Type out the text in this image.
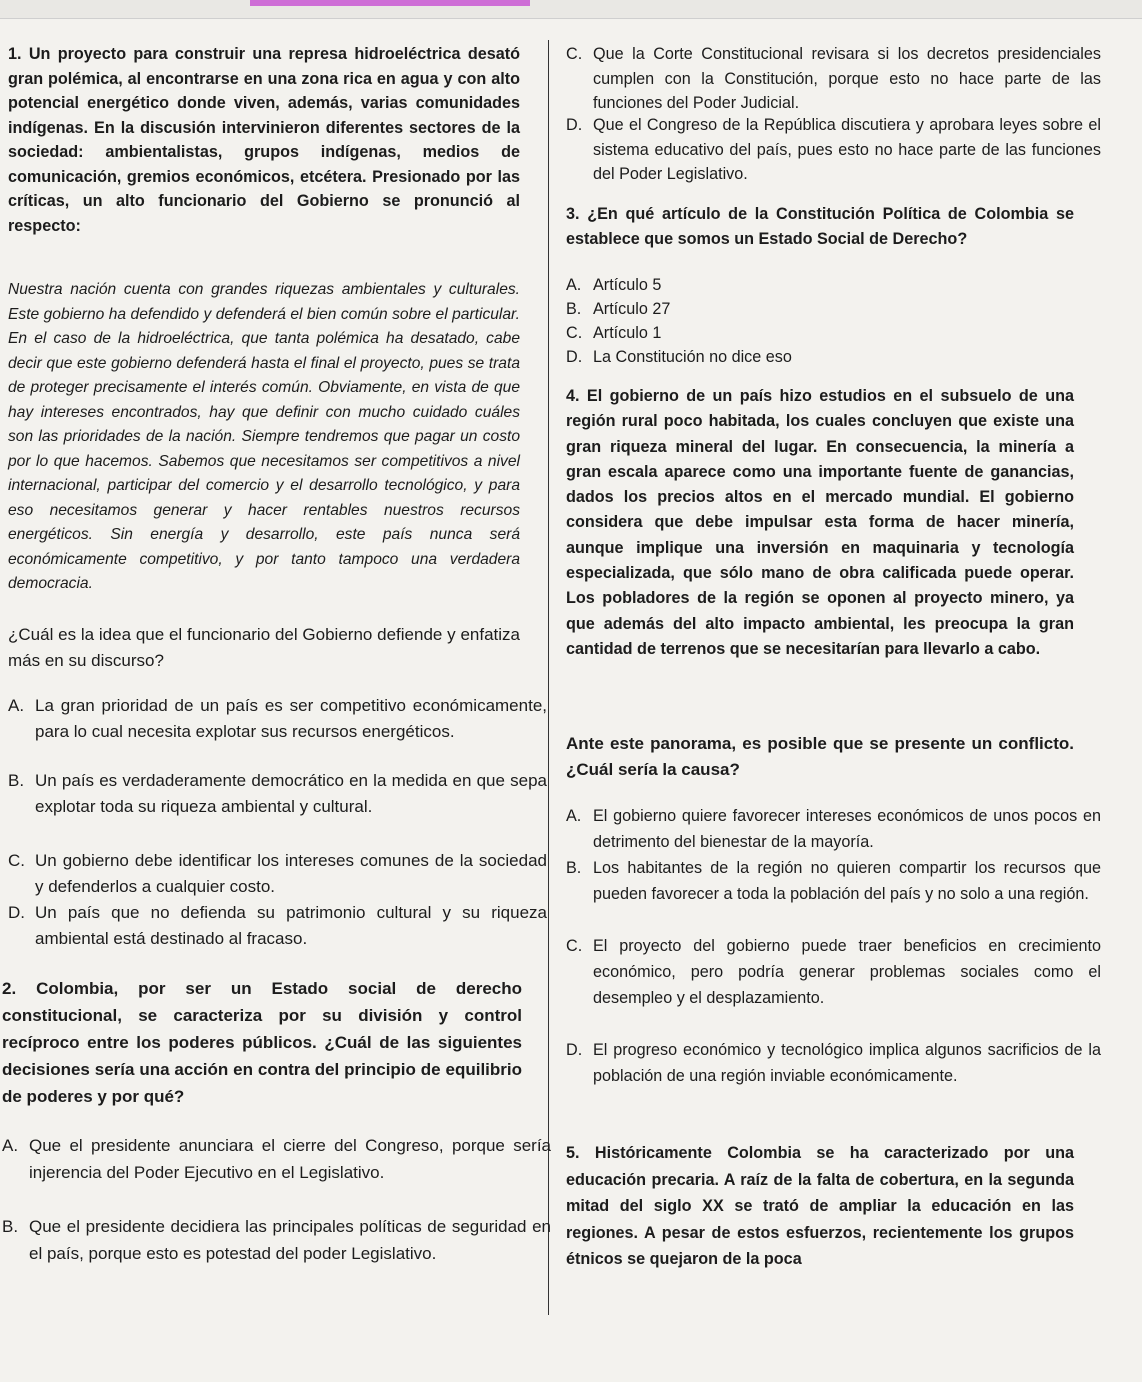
1. Un proyecto para construir una represa hidroeléctrica desató gran polémica, al encontrarse en una zona rica en agua y con alto potencial energético donde viven, además, varias comunidades indígenas. En la discusión intervinieron diferentes sectores de la sociedad: ambientalistas, grupos indígenas, medios de comunicación, gremios económicos, etcétera. Presionado por las críticas, un alto funcionario del Gobierno se pronunció al respecto:

Nuestra nación cuenta con grandes riquezas ambientales y culturales. Este gobierno ha defendido y defenderá el bien común sobre el particular. En el caso de la hidroeléctrica, que tanta polémica ha desatado, cabe decir que este gobierno defenderá hasta el final el proyecto, pues se trata de proteger precisamente el interés común. Obviamente, en vista de que hay intereses encontrados, hay que definir con mucho cuidado cuáles son las prioridades de la nación. Siempre tendremos que pagar un costo por lo que hacemos. Sabemos que necesitamos ser competitivos a nivel internacional, participar del comercio y el desarrollo tecnológico, y para eso necesitamos generar y hacer rentables nuestros recursos energéticos. Sin energía y desarrollo, este país nunca será económicamente competitivo, y por tanto tampoco una verdadera democracia.

¿Cuál es la idea que el funcionario del Gobierno defiende y enfatiza más en su discurso?

A. La gran prioridad de un país es ser competitivo económicamente, para lo cual necesita explotar sus recursos energéticos.

B. Un país es verdaderamente democrático en la medida en que sepa explotar toda su riqueza ambiental y cultural.

C. Un gobierno debe identificar los intereses comunes de la sociedad y defenderlos a cualquier costo.

D. Un país que no defienda su patrimonio cultural y su riqueza ambiental está destinado al fracaso.

2. Colombia, por ser un Estado social de derecho constitucional, se caracteriza por su división y control recíproco entre los poderes públicos. ¿Cuál de las siguientes decisiones sería una acción en contra del principio de equilibrio de poderes y por qué?

A. Que el presidente anunciara el cierre del Congreso, porque sería injerencia del Poder Ejecutivo en el Legislativo.

B. Que el presidente decidiera las principales políticas de seguridad en el país, porque esto es potestad del poder Legislativo.

C. Que la Corte Constitucional revisara si los decretos presidenciales cumplen con la Constitución, porque esto no hace parte de las funciones del Poder Judicial.

D. Que el Congreso de la República discutiera y aprobara leyes sobre el sistema educativo del país, pues esto no hace parte de las funciones del Poder Legislativo.

3. ¿En qué artículo de la Constitución Política de Colombia se establece que somos un Estado Social de Derecho?

A. Artículo 5

B. Artículo 27

C. Artículo 1

D. La Constitución no dice eso

4. El gobierno de un país hizo estudios en el subsuelo de una región rural poco habitada, los cuales concluyen que existe una gran riqueza mineral del lugar. En consecuencia, la minería a gran escala aparece como una importante fuente de ganancias, dados los precios altos en el mercado mundial. El gobierno considera que debe impulsar esta forma de hacer minería, aunque implique una inversión en maquinaria y tecnología especializada, que sólo mano de obra calificada puede operar. Los pobladores de la región se oponen al proyecto minero, ya que además del alto impacto ambiental, les preocupa la gran cantidad de terrenos que se necesitarían para llevarlo a cabo.

Ante este panorama, es posible que se presente un conflicto. ¿Cuál sería la causa?

A. El gobierno quiere favorecer intereses económicos de unos pocos en detrimento del bienestar de la mayoría.

B. Los habitantes de la región no quieren compartir los recursos que pueden favorecer a toda la población del país y no solo a una región.

C. El proyecto del gobierno puede traer beneficios en crecimiento económico, pero podría generar problemas sociales como el desempleo y el desplazamiento.

D. El progreso económico y tecnológico implica algunos sacrificios de la población de una región inviable económicamente.

5. Históricamente Colombia se ha caracterizado por una educación precaria. A raíz de la falta de cobertura, en la segunda mitad del siglo XX se trató de ampliar la educación en las regiones. A pesar de estos esfuerzos, recientemente los grupos étnicos se quejaron de la poca
